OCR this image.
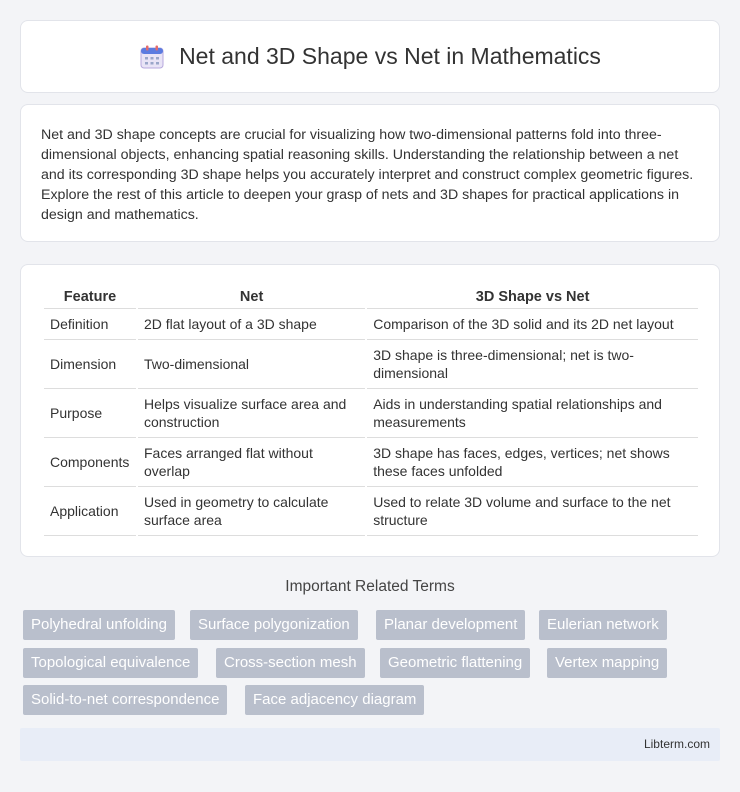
Net and 3D Shape vs Net in Mathematics

Net and 3D shape concepts are crucial for visualizing how two-dimensional patterns fold into three-dimensional objects, enhancing spatial reasoning skills. Understanding the relationship between a net and its corresponding 3D shape helps you accurately interpret and construct complex geometric figures. Explore the rest of this article to deepen your grasp of nets and 3D shapes for practical applications in design and mathematics.

Feature	Net	3D Shape vs Net
Definition	2D flat layout of a 3D shape	Comparison of the 3D solid and its 2D net layout
Dimension	Two-dimensional	3D shape is three-dimensional; net is two-dimensional
Purpose	Helps visualize surface area and construction	Aids in understanding spatial relationships and measurements
Components	Faces arranged flat without overlap	3D shape has faces, edges, vertices; net shows these faces unfolded
Application	Used in geometry to calculate surface area	Used to relate 3D volume and surface to the net structure
Important Related Terms
Polyhedral unfolding	Surface polygonization	Planar development	Eulerian network
Topological equivalence	Cross-section mesh	Geometric flattening	Vertex mapping
Solid-to-net correspondence	Face adjacency diagram
Libterm.com
